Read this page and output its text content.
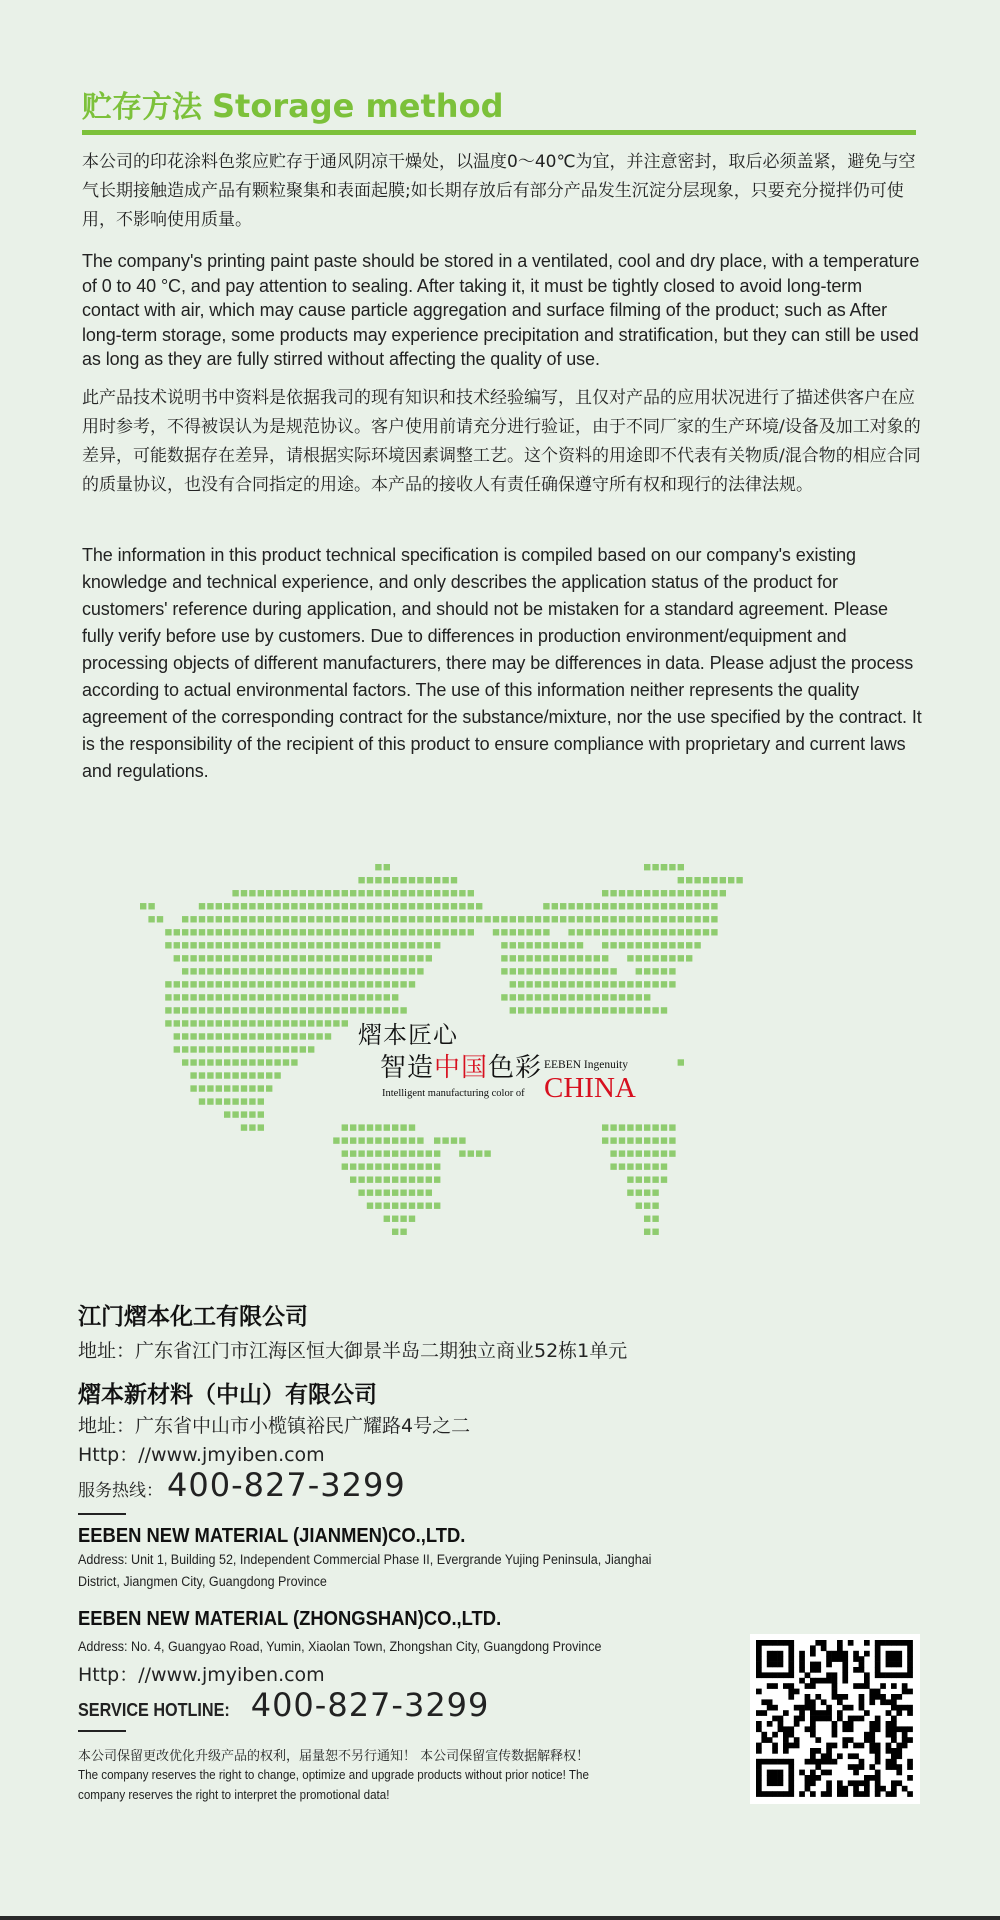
贮存方法 Storage method

本公司的印花涂料色浆应贮存于通风阴凉干燥处，以温度0～40℃为宜，并注意密封，取后必须盖紧，避免与空气长期接触造成产品有颗粒聚集和表面起膜;如长期存放后有部分产品发生沉淀分层现象，只要充分搅拌仍可使用，不影响使用质量。

The company's printing paint paste should be stored in a ventilated, cool and dry place, with a temperature of 0 to 40 °C, and pay attention to sealing. After taking it, it must be tightly closed to avoid long-term contact with air, which may cause particle aggregation and surface filming of the product; such as After long-term storage, some products may experience precipitation and stratification, but they can still be used as long as they are fully stirred without affecting the quality of use.

此产品技术说明书中资料是依据我司的现有知识和技术经验编写，且仅对产品的应用状况进行了描述供客户在应用时参考，不得被误认为是规范协议。客户使用前请充分进行验证，由于不同厂家的生产环境/设备及加工对象的差异，可能数据存在差异，请根据实际环境因素调整工艺。这个资料的用途即不代表有关物质/混合物的相应合同的质量协议，也没有合同指定的用途。本产品的接收人有责任确保遵守所有权和现行的法律法规。

The information in this product technical specification is compiled based on our company's existing knowledge and technical experience, and only describes the application status of the product for customers' reference during application, and should not be mistaken for a standard agreement. Please fully verify before use by customers. Due to differences in production environment/equipment and processing objects of different manufacturers, there may be differences in data. Please adjust the process according to actual environmental factors. The use of this information neither represents the quality agreement of the corresponding contract for the substance/mixture, nor the use specified by the contract. It is the responsibility of the recipient of this product to ensure compliance with proprietary and current laws and regulations.

熠本匠心
智造中国色彩
Intelligent manufacturing color of
EEBEN Ingenuity
CHINA
江门熠本化工有限公司
地址：广东省江门市江海区恒大御景半岛二期独立商业52栋1单元
熠本新材料（中山）有限公司
地址：广东省中山市小榄镇裕民广耀路4号之二
Http：//www.jmyiben.com
服务热线： 400-827-3299
EEBEN NEW MATERIAL (JIANMEN)CO.,LTD.
Address: Unit 1, Building 52, Independent Commercial Phase II, Evergrande Yujing Peninsula, Jianghai District, Jiangmen City, Guangdong Province
EEBEN NEW MATERIAL (ZHONGSHAN)CO.,LTD.
Address: No. 4, Guangyao Road, Yumin, Xiaolan Town, Zhongshan City, Guangdong Province
Http：//www.jmyiben.com
SERVICE HOTLINE: 400-827-3299
本公司保留更改优化升级产品的权利，届量恕不另行通知！ 本公司保留宣传数据解释权！
The company reserves the right to change, optimize and upgrade products without prior notice! The company reserves the right to interpret the promotional data!
